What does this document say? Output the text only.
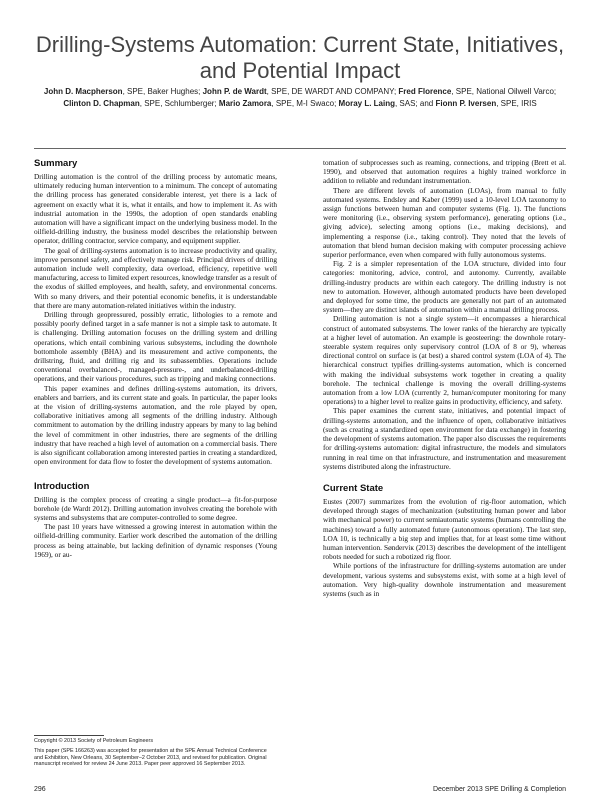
Drilling-Systems Automation: Current State, Initiatives, and Potential Impact
John D. Macpherson, SPE, Baker Hughes; John P. de Wardt, SPE, DE WARDT AND COMPANY; Fred Florence, SPE, National Oilwell Varco; Clinton D. Chapman, SPE, Schlumberger; Mario Zamora, SPE, M-I Swaco; Moray L. Laing, SAS; and Fionn P. Iversen, SPE, IRIS
Summary

Drilling automation is the control of the drilling process by automatic means, ultimately reducing human intervention to a minimum. The concept of automating the drilling process has generated considerable interest, yet there is a lack of agreement on exactly what it is, what it entails, and how to implement it. As with industrial automation in the 1990s, the adoption of open standards enabling automation will have a significant impact on the underlying business model. In the oilfield-drilling industry, the business model describes the relationship between operator, drilling contractor, service company, and equipment supplier.

The goal of drilling-systems automation is to increase productivity and quality, improve personnel safety, and effectively manage risk. Principal drivers of drilling automation include well complexity, data overload, efficiency, repetitive well manufacturing, access to limited expert resources, knowledge transfer as a result of the exodus of skilled employees, and health, safety, and environmental concerns. With so many drivers, and their potential economic benefits, it is understandable that there are many automation-related initiatives within the industry.

Drilling through geopressured, possibly erratic, lithologies to a remote and possibly poorly defined target in a safe manner is not a simple task to automate. It is challenging. Drilling automation focuses on the drilling system and drilling operations, which entail combining various subsystems, including the downhole bottomhole assembly (BHA) and its measurement and active components, the drillstring, fluid, and drilling rig and its subassemblies. Operations include conventional overbalanced-, managed-pressure-, and underbalanced-drilling operations, and their various procedures, such as tripping and making connections.

This paper examines and defines drilling-systems automation, its drivers, enablers and barriers, and its current state and goals. In particular, the paper looks at the vision of drilling-systems automation, and the role played by open, collaborative initiatives among all segments of the drilling industry. Although commitment to automation by the drilling industry appears by many to lag behind the level of commitment in other industries, there are segments of the drilling industry that have reached a high level of automation on a commercial basis. There is also significant collaboration among interested parties in creating a standardized, open environment for data flow to foster the development of systems automation.

Introduction

Drilling is the complex process of creating a single product—a fit-for-purpose borehole (de Wardt 2012). Drilling automation involves creating the borehole with systems and subsystems that are computer-controlled to some degree.

The past 10 years have witnessed a growing interest in automation within the oilfield-drilling community. Earlier work described the automation of the drilling process as being attainable, but lacking definition of dynamic responses (Young 1969), or au-

tomation of subprocesses such as reaming, connections, and tripping (Brett et al. 1990), and observed that automation requires a highly trained workforce in addition to reliable and redundant instrumentation.

There are different levels of automation (LOAs), from manual to fully automated systems. Endsley and Kaber (1999) used a 10-level LOA taxonomy to assign functions between human and computer systems (Fig. 1). The functions were monitoring (i.e., observing system performance), generating options (i.e., giving advice), selecting among options (i.e., making decisions), and implementing a response (i.e., taking control). They noted that the levels of automation that blend human decision making with computer processing achieve superior performance, even when compared with fully autonomous systems.

Fig. 2 is a simpler representation of the LOA structure, divided into four categories: monitoring, advice, control, and autonomy. Currently, available drilling-industry products are within each category. The drilling industry is not new to automation. However, although automated products have been developed and deployed for some time, the products are generally not part of an automated system—they are distinct islands of automation within a manual drilling process.

Drilling automation is not a single system—it encompasses a hierarchical construct of automated subsystems. The lower ranks of the hierarchy are typically at a higher level of automation. An example is geosteering: the downhole rotary-steerable system requires only supervisory control (LOA of 8 or 9), whereas directional control on surface is (at best) a shared control system (LOA of 4). The hierarchical construct typifies drilling-systems automation, which is concerned with making the individual subsystems work together in creating a quality borehole. The technical challenge is moving the overall drilling-systems automation from a low LOA (currently 2, human/computer monitoring for many operations) to a higher level to realize gains in productivity, efficiency, and safety.

This paper examines the current state, initiatives, and potential impact of drilling-systems automation, and the influence of open, collaborative initiatives (such as creating a standardized open environment for data exchange) in fostering the development of systems automation. The paper also discusses the requirements for drilling-systems automation: digital infrastructure, the models and simulators running in real time on that infrastructure, and instrumentation and measurement systems distributed along the infrastructure.

Current State

Eustes (2007) summarizes from the evolution of rig-floor automation, which developed through stages of mechanization (substituting human power and labor with mechanical power) to current semiautomatic systems (humans controlling the machines) toward a fully automated future (autonomous operation). The last step, LOA 10, is technically a big step and implies that, for at least some time without human intervention. Sønderviк (2013) describes the development of the intelligent robots needed for such a robotized rig floor.

While portions of the infrastructure for drilling-systems automation are under development, various systems and subsystems exist, with some at a high level of automation. Very high-quality downhole instrumentation and measurement systems (such as in

Copyright © 2013 Society of Petroleum Engineers
This paper (SPE 166263) was accepted for presentation at the SPE Annual Technical Conference and Exhibition, New Orleans, 30 September–2 October 2013, and revised for publication. Original manuscript received for review 24 June 2013. Paper peer approved 16 September 2013.
296	December 2013 SPE Drilling & Completion
